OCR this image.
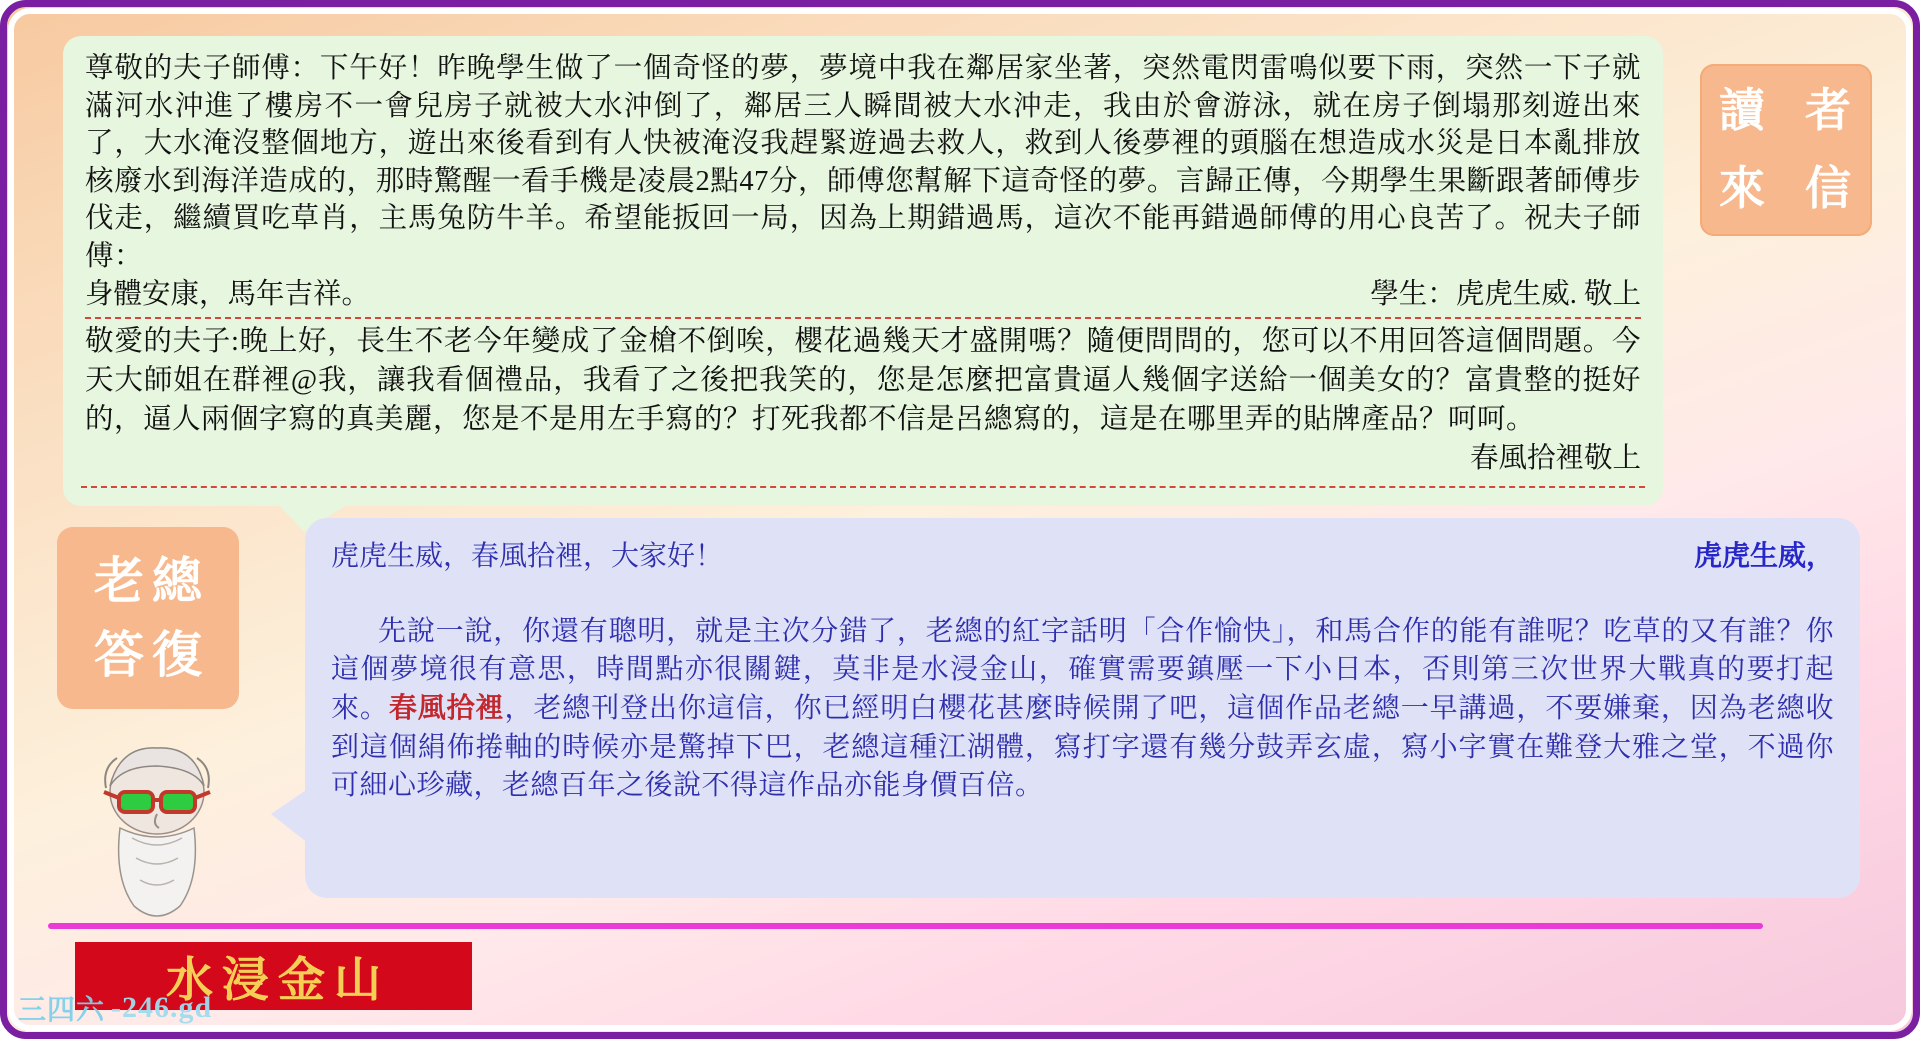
尊敬的夫子師傅：下午好！昨晚學生做了一個奇怪的夢，夢境中我在鄰居家坐著，突然電閃雷鳴似要下雨，突然一下子就滿河水沖進了樓房不一會兒房子就被大水沖倒了，鄰居三人瞬間被大水沖走，我由於會游泳，就在房子倒塌那刻遊出來了，大水淹沒整個地方，遊出來後看到有人快被淹沒我趕緊遊過去救人，救到人後夢裡的頭腦在想造成水災是日本亂排放核廢水到海洋造成的，那時驚醒一看手機是凌晨2點47分，師傅您幫解下這奇怪的夢。言歸正傳，今期學生果斷跟著師傅步伐走，繼續買吃草肖，主馬兔防牛羊。希望能扳回一局，因為上期錯過馬，這次不能再錯過師傅的用心良苦了。祝夫子師傅：
身體安康，馬年吉祥。	學生：虎虎生威. 敬上
敬愛的夫子:晚上好，長生不老今年變成了金槍不倒唉，櫻花過幾天才盛開嗎？隨便問問的，您可以不用回答這個問題。今天大師姐在群裡@我，讓我看個禮品，我看了之後把我笑的，您是怎麼把富貴逼人幾個字送給一個美女的？富貴整的挺好的，逼人兩個字寫的真美麗，您是不是用左手寫的？打死我都不信是呂總寫的，這是在哪里弄的貼牌產品？呵呵。
春風拾裡敬上
讀 者
來 信
老總
答復
虎虎生威，春風拾裡，大家好！	虎虎生威，

先說一說，你還有聰明，就是主次分錯了，老總的紅字話明「合作愉快」，和馬合作的能有誰呢？吃草的又有誰？你這個夢境很有意思，時間點亦很關鍵，莫非是水浸金山，確實需要鎮壓一下小日本，否則第三次世界大戰真的要打起來。春風拾裡，老總刊登出你這信，你已經明白櫻花甚麼時候開了吧，這個作品老總一早講過，不要嫌棄，因為老總收到這個絹佈捲軸的時候亦是驚掉下巴，老總這種江湖體，寫打字還有幾分鼓弄玄虛，寫小字實在難登大雅之堂，不過你可細心珍藏，老總百年之後說不得這作品亦能身價百倍。

水浸金山
三四六 -246.gd
